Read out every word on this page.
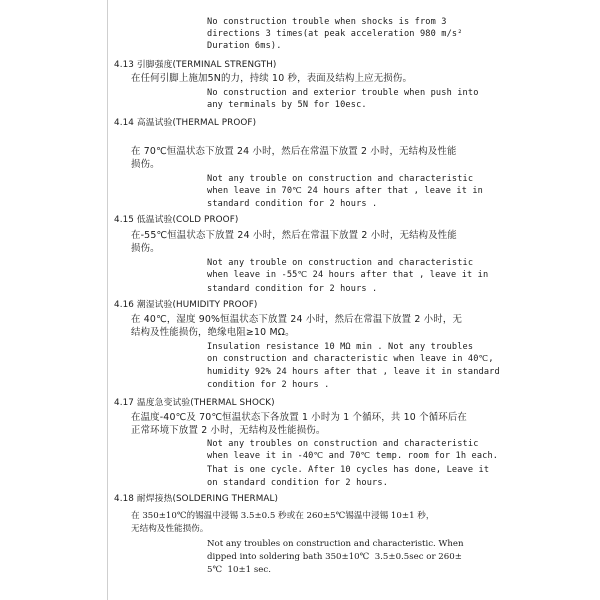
No construction trouble when shocks is from 3
directions 3 times(at peak acceleration 980 m/s²
Duration 6ms).
4.13 引脚强度(TERMINAL STRENGTH)
在任何引脚上施加5N的力，持续 10 秒，表面及结构上应无损伤。
No construction and exterior trouble when push into
any terminals by 5N for 10esc.
4.14 高温试验(THERMAL PROOF)
在 70℃恒温状态下放置 24 小时，然后在常温下放置 2 小时，无结构及性能
损伤。
Not any trouble on construction and characteristic
when leave in 70℃ 24 hours after that , leave it in
standard condition for 2 hours .
4.15 低温试验(COLD PROOF)
在-55℃恒温状态下放置 24 小时，然后在常温下放置 2 小时，无结构及性能
损伤。
Not any trouble on construction and characteristic
when leave in -55℃ 24 hours after that , leave it in
standard condition for 2 hours .
4.16 潮湿试验(HUMIDITY PROOF)
在 40℃，湿度 90%恒温状态下放置 24 小时，然后在常温下放置 2 小时，无
结构及性能损伤，绝缘电阻≥10 MΩ。
Insulation resistance 10 MΩ min . Not any troubles
on construction and characteristic when leave in 40℃,
humidity 92% 24 hours after that , leave it in standard
condition for 2 hours .
4.17 温度急变试验(THERMAL SHOCK)
在温度-40℃及 70℃恒温状态下各放置 1 小时为 1 个循环，共 10 个循环后在
正常环境下放置 2 小时，无结构及性能损伤。
Not any troubles on construction and characteristic
when leave it in -40℃ and 70℃ temp. room for 1h each.
That is one cycle. After 10 cycles has done, Leave it
on standard condition for 2 hours.
4.18 耐焊接热(SOLDERING THERMAL)
在 350±10℃的锡温中浸锡 3.5±0.5 秒或在 260±5℃锡温中浸锡 10±1 秒，
无结构及性能损伤。
Not any troubles on construction and characteristic. When
dipped into soldering bath 350±10℃  3.5±0.5sec or 260±
5℃  10±1 sec.
